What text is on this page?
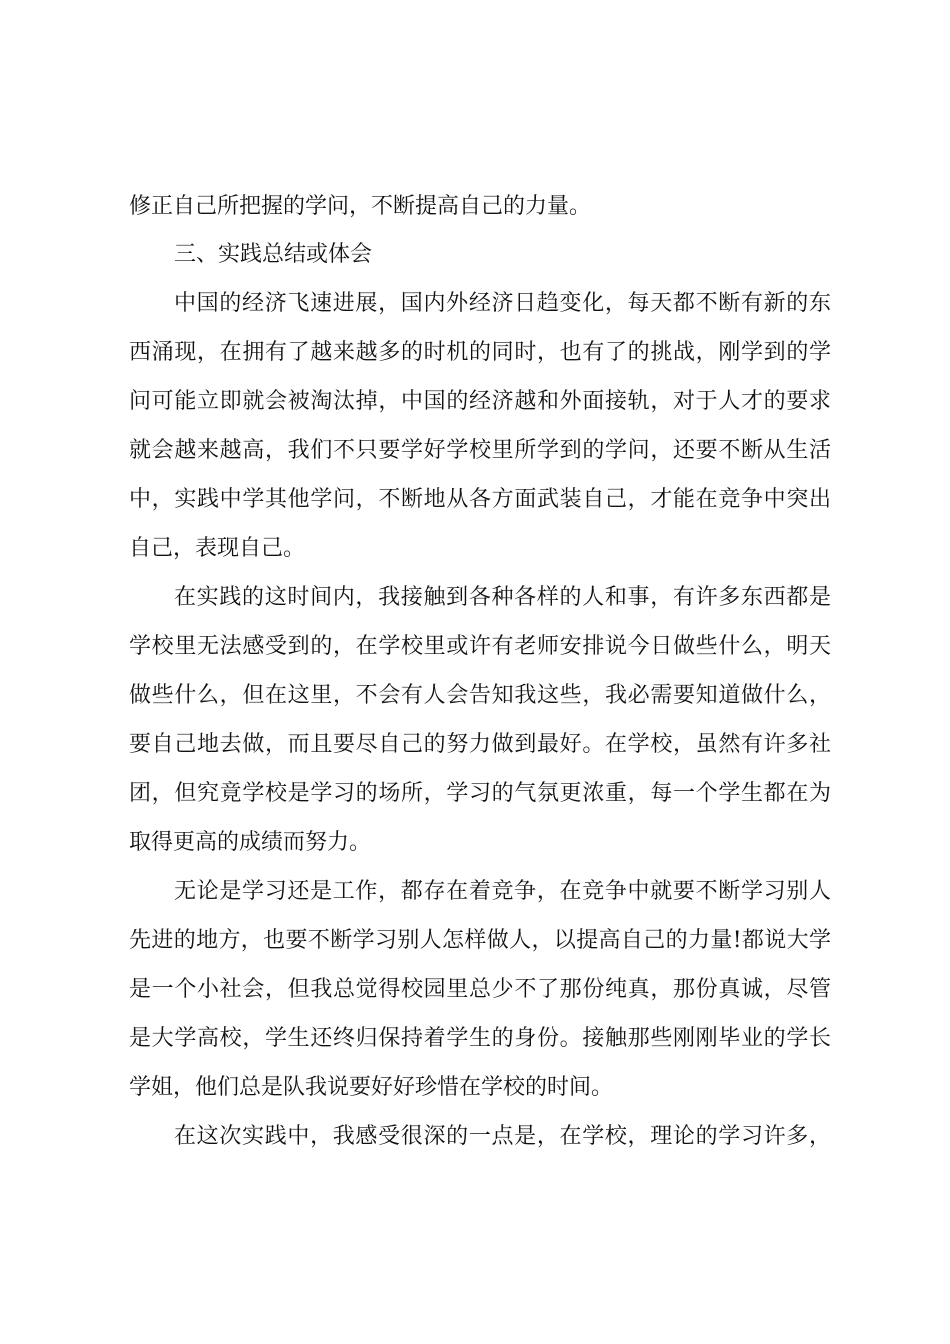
修正自己所把握的学问，不断提高自己的力量。
三、实践总结或体会
中国的经济飞速进展，国内外经济日趋变化，每天都不断有新的东
西涌现，在拥有了越来越多的时机的同时，也有了的挑战，刚学到的学
问可能立即就会被淘汰掉，中国的经济越和外面接轨，对于人才的要求
就会越来越高，我们不只要学好学校里所学到的学问，还要不断从生活
中，实践中学其他学问，不断地从各方面武装自己，才能在竞争中突出
自己，表现自己。
在实践的这时间内，我接触到各种各样的人和事，有许多东西都是
学校里无法感受到的，在学校里或许有老师安排说今日做些什么，明天
做些什么，但在这里，不会有人会告知我这些，我必需要知道做什么，
要自己地去做，而且要尽自己的努力做到最好。在学校，虽然有许多社
团，但究竟学校是学习的场所，学习的气氛更浓重，每一个学生都在为
取得更高的成绩而努力。
无论是学习还是工作，都存在着竞争，在竞争中就要不断学习别人
先进的地方，也要不断学习别人怎样做人，以提高自己的力量!都说大学
是一个小社会，但我总觉得校园里总少不了那份纯真，那份真诚，尽管
是大学高校，学生还终归保持着学生的身份。接触那些刚刚毕业的学长
学姐，他们总是队我说要好好珍惜在学校的时间。
在这次实践中，我感受很深的一点是，在学校，理论的学习许多，
